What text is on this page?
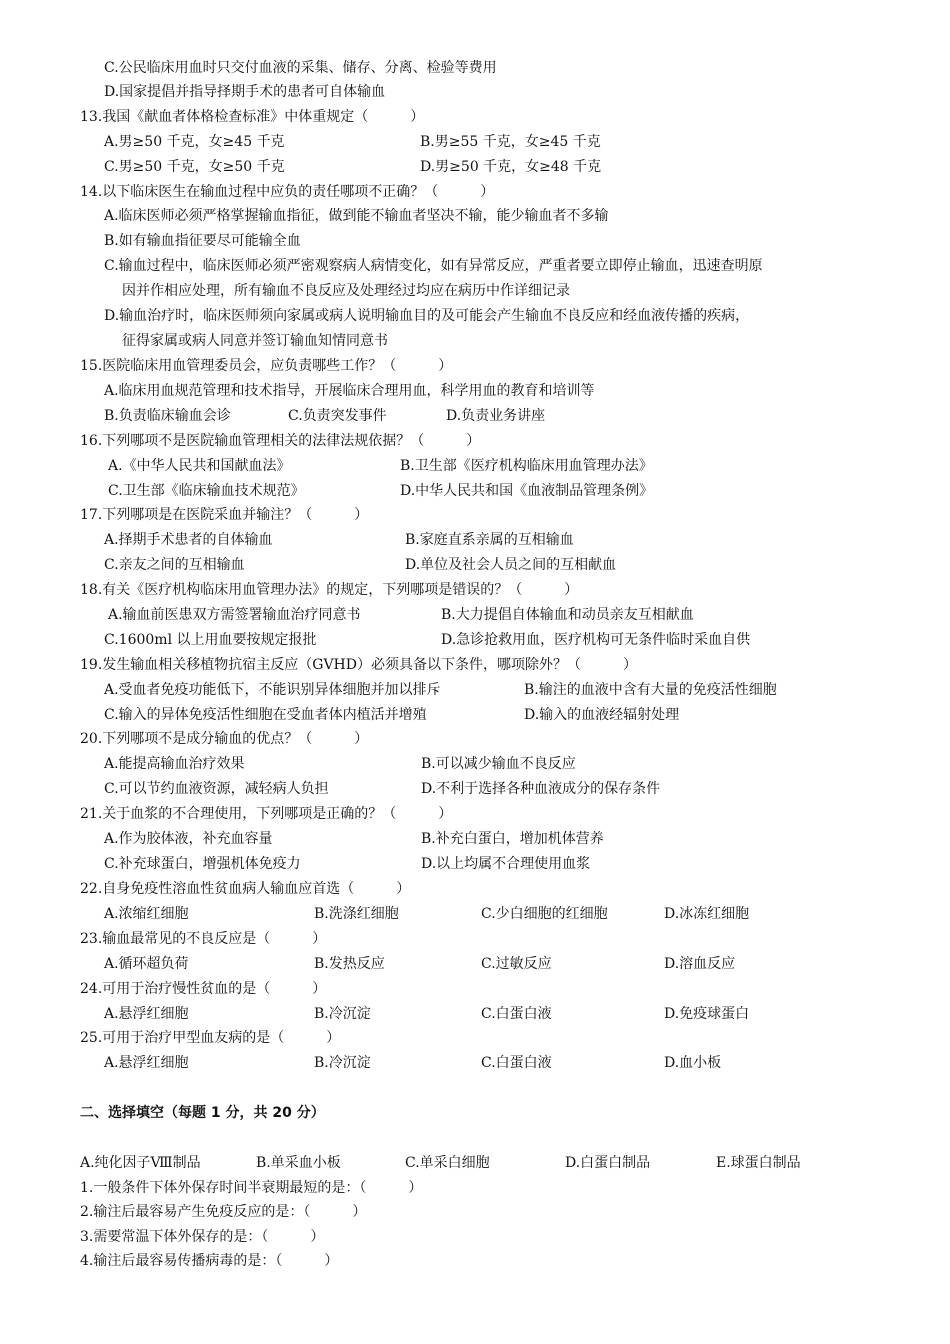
C.公民临床用血时只交付血液的采集、储存、分离、检验等费用
D.国家提倡并指导择期手术的患者可自体输血
13.我国《献血者体格检查标准》中体重规定（　　　）
A.男≥50 千克，女≥45 千克	B.男≥55 千克，女≥45 千克
C.男≥50 千克，女≥50 千克	D.男≥50 千克，女≥48 千克
14.以下临床医生在输血过程中应负的责任哪项不正确？（　　　）
A.临床医师必须严格掌握输血指征，做到能不输血者坚决不输，能少输血者不多输
B.如有输血指征要尽可能输全血
C.输血过程中，临床医师必须严密观察病人病情变化，如有异常反应，严重者要立即停止输血，迅速查明原
因并作相应处理，所有输血不良反应及处理经过均应在病历中作详细记录
D.输血治疗时，临床医师须向家属或病人说明输血目的及可能会产生输血不良反应和经血液传播的疾病，
征得家属或病人同意并签订输血知情同意书
15.医院临床用血管理委员会，应负责哪些工作？（　　　）
A.临床用血规范管理和技术指导，开展临床合理用血，科学用血的教育和培训等
B.负责临床输血会诊	C.负责突发事件	D.负责业务讲座
16.下列哪项不是医院输血管理相关的法律法规依据？（　　　）
A.《中华人民共和国献血法》	B.卫生部《医疗机构临床用血管理办法》
C.卫生部《临床输血技术规范》	D.中华人民共和国《血液制品管理条例》
17.下列哪项是在医院采血并输注？（　　　）
A.择期手术患者的自体输血	B.家庭直系亲属的互相输血
C.亲友之间的互相输血	D.单位及社会人员之间的互相献血
18.有关《医疗机构临床用血管理办法》的规定，下列哪项是错误的？（　　　）
A.输血前医患双方需签署输血治疗同意书	B.大力提倡自体输血和动员亲友互相献血
C.1600ml 以上用血要按规定报批	D.急诊抢救用血，医疗机构可无条件临时采血自供
19.发生输血相关移植物抗宿主反应（GVHD）必须具备以下条件，哪项除外？（　　　）
A.受血者免疫功能低下，不能识别异体细胞并加以排斥	B.输注的血液中含有大量的免疫活性细胞
C.输入的异体免疫活性细胞在受血者体内植活并增殖	D.输入的血液经辐射处理
20.下列哪项不是成分输血的优点？（　　　）
A.能提高输血治疗效果	B.可以减少输血不良反应
C.可以节约血液资源，减轻病人负担	D.不利于选择各种血液成分的保存条件
21.关于血浆的不合理使用，下列哪项是正确的？（　　　）
A.作为胶体液，补充血容量	B.补充白蛋白，增加机体营养
C.补充球蛋白，增强机体免疫力	D.以上均属不合理使用血浆
22.自身免疫性溶血性贫血病人输血应首选（　　　）
A.浓缩红细胞	B.洗涤红细胞	C.少白细胞的红细胞	D.冰冻红细胞
23.输血最常见的不良反应是（　　　）
A.循环超负荷	B.发热反应	C.过敏反应	D.溶血反应
24.可用于治疗慢性贫血的是（　　　）
A.悬浮红细胞	B.冷沉淀	C.白蛋白液	D.免疫球蛋白
25.可用于治疗甲型血友病的是（　　　）
A.悬浮红细胞	B.冷沉淀	C.白蛋白液	D.血小板
二、选择填空（每题 1 分，共 20 分）
A.纯化因子Ⅷ制品	B.单采血小板	C.单采白细胞	D.白蛋白制品	E.球蛋白制品
1.一般条件下体外保存时间半衰期最短的是：（　　　）
2.输注后最容易产生免疫反应的是：（　　　）
3.需要常温下体外保存的是：（　　　）
4.输注后最容易传播病毒的是：（　　　）
